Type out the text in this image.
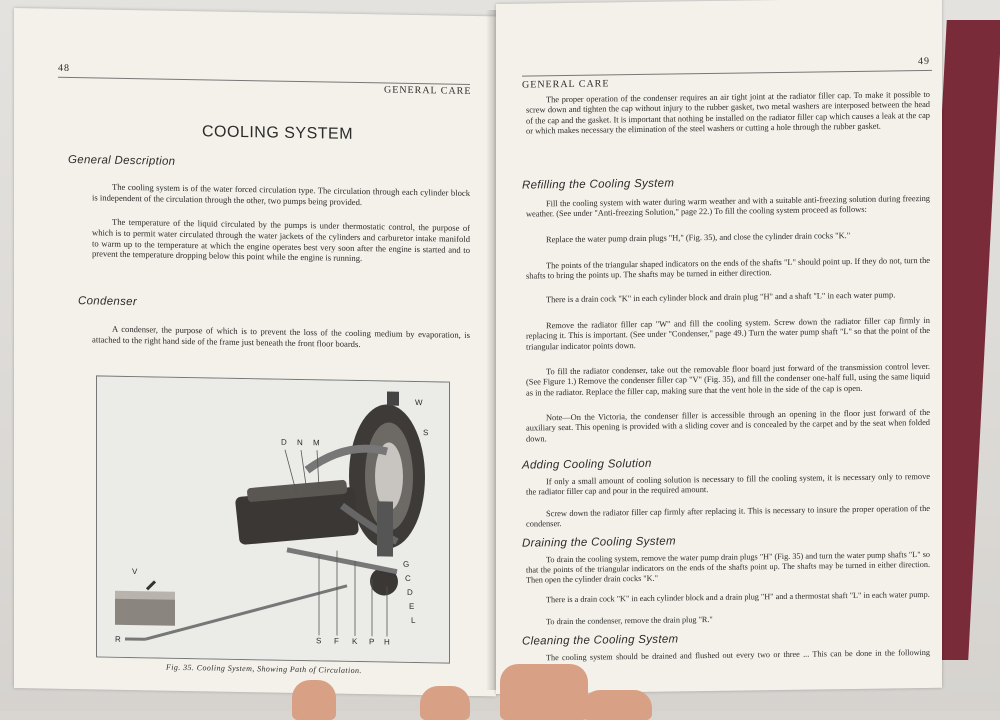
48
GENERAL CARE
COOLING SYSTEM
General Description
The cooling system is of the water forced circulation type. The circulation through each cylinder block is independent of the circulation through the other, two pumps being provided.
The temperature of the liquid circulated by the pumps is under thermostatic control, the purpose of which is to permit water circulated through the water jackets of the cylinders and carburetor intake manifold to warm up to the temperature at which the engine operates best very soon after the engine is started and to prevent the temperature dropping below this point while the engine is running.
Condenser
A condenser, the purpose of which is to prevent the loss of the cooling medium by evaporation, is attached to the right hand side of the frame just beneath the front floor boards.
W
S
D N M
V
R
G
C
D
E
L
S F K P H
Fig. 35. Cooling System, Showing Path of Circulation.
GENERAL CARE
49
The proper operation of the condenser requires an air tight joint at the radiator filler cap. To make it possible to screw down and tighten the cap without injury to the rubber gasket, two metal washers are interposed between the head of the cap and the gasket. It is important that nothing be installed on the radiator filler cap which causes a leak at the cap or which makes necessary the elimination of the steel washers or cutting a hole through the rubber gasket.
Refilling the Cooling System
Fill the cooling system with water during warm weather and with a suitable anti-freezing solution during freezing weather. (See under "Anti-freezing Solution," page 22.) To fill the cooling system proceed as follows:
Replace the water pump drain plugs "H," (Fig. 35), and close the cylinder drain cocks "K."
The points of the triangular shaped indicators on the ends of the shafts "L" should point up. If they do not, turn the shafts to bring the points up. The shafts may be turned in either direction.
There is a drain cock "K" in each cylinder block and drain plug "H" and a shaft "L" in each water pump.
Remove the radiator filler cap "W" and fill the cooling system. Screw down the radiator filler cap firmly in replacing it. This is important. (See under "Condenser," page 49.) Turn the water pump shaft "L" so that the point of the triangular indicator points down.
To fill the radiator condenser, take out the removable floor board just forward of the transmission control lever. (See Figure 1.) Remove the condenser filler cap "V" (Fig. 35), and fill the condenser one-half full, using the same liquid as in the radiator. Replace the filler cap, making sure that the vent hole in the side of the cap is open.
Note—On the Victoria, the condenser filler is accessible through an opening in the floor just forward of the auxiliary seat. This opening is provided with a sliding cover and is concealed by the carpet and by the seat when folded down.
Adding Cooling Solution
If only a small amount of cooling solution is necessary to fill the cooling system, it is necessary only to remove the radiator filler cap and pour in the required amount.
Screw down the radiator filler cap firmly after replacing it. This is necessary to insure the proper operation of the condenser.
Draining the Cooling System
To drain the cooling system, remove the water pump drain plugs "H" (Fig. 35) and turn the water pump shafts "L" so that the points of the triangular indicators on the ends of the shafts point up. The shafts may be turned in either direction. Then open the cylinder drain cocks "K."
There is a drain cock "K" in each cylinder block and a drain plug "H" and a thermostat shaft "L" in each water pump.
To drain the condenser, remove the drain plug "R."
Cleaning the Cooling System
The cooling system should be drained and flushed out every two or three ... This can be done in the following
